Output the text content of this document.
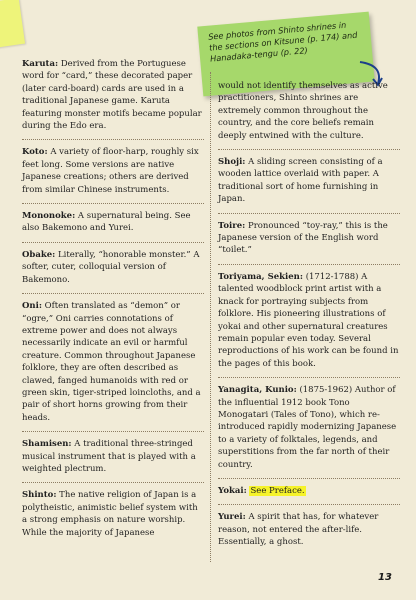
See photos from Shinto shrines in the sections on Kitsune (p. 174) and Hanadaka-tengu (p. 22)
Karuta: Derived from the Portuguese word for “card,” these decorated paper (later card-board) cards are used in a traditional Japanese game. Karuta featuring monster motifs became popular during the Edo era.
Koto: A variety of floor-harp, roughly six feet long. Some versions are native Japanese creations; others are derived from similar Chinese instruments.
Mononoke: A supernatural being. See also Bakemono and Yurei.
Obake: Literally, “honorable monster.” A softer, cuter, colloquial version of Bakemono.
Oni: Often translated as “demon” or “ogre,” Oni carries connotations of extreme power and does not always necessarily indicate an evil or harmful creature. Common throughout Japanese folklore, they are often described as clawed, fanged humanoids with red or green skin, tiger-striped loincloths, and a pair of short horns growing from their heads.
Shamisen: A traditional three-stringed musical instrument that is played with a weighted plectrum.
Shinto: The native religion of Japan is a polytheistic, animistic belief system with a strong emphasis on nature worship. While the majority of Japanese
would not identify themselves as active practitioners, Shinto shrines are extremely common throughout the country, and the core beliefs remain deeply entwined with the culture.
Shoji: A sliding screen consisting of a wooden lattice overlaid with paper. A traditional sort of home furnishing in Japan.
Toire: Pronounced “toy-ray,” this is the Japanese version of the English word “toilet.”
Toriyama, Sekien: (1712-1788) A talented woodblock print artist with a knack for portraying subjects from folklore. His pioneering illustrations of yokai and other supernatural creatures remain popular even today. Several reproductions of his work can be found in the pages of this book.
Yanagita, Kunio: (1875-1962) Author of the influential 1912 book Tono Monogatari (Tales of Tono), which re-introduced rapidly modernizing Japanese to a variety of folktales, legends, and superstitions from the far north of their country.
Yokai: See Preface.
Yurei: A spirit that has, for whatever reason, not entered the after-life. Essentially, a ghost.
13
